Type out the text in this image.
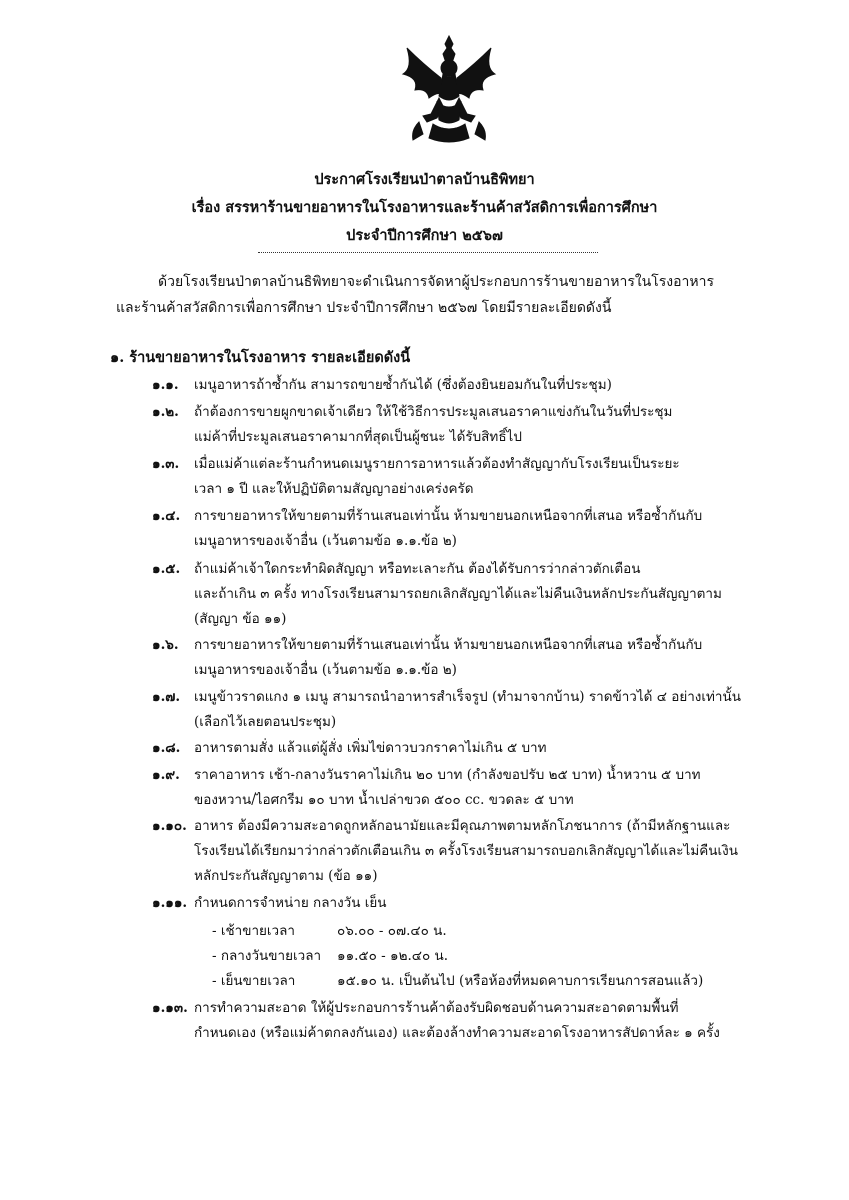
ประกาศโรงเรียนป่าตาลบ้านธิพิทยา
เรื่อง สรรหาร้านขายอาหารในโรงอาหารและร้านค้าสวัสดิการเพื่อการศึกษา
ประจำปีการศึกษา ๒๕๖๗
ด้วยโรงเรียนป่าตาลบ้านธิพิทยาจะดำเนินการจัดหาผู้ประกอบการร้านขายอาหารในโรงอาหาร
และร้านค้าสวัสดิการเพื่อการศึกษา ประจำปีการศึกษา ๒๕๖๗ โดยมีรายละเอียดดังนี้
๑. ร้านขายอาหารในโรงอาหาร รายละเอียดดังนี้
๑.๑. เมนูอาหารถ้าซ้ำกัน สามารถขายซ้ำกันได้ (ซึ่งต้องยินยอมกันในที่ประชุม)
๑.๒. ถ้าต้องการขายผูกขาดเจ้าเดียว ให้ใช้วิธีการประมูลเสนอราคาแข่งกันในวันที่ประชุม
แม่ค้าที่ประมูลเสนอราคามากที่สุดเป็นผู้ชนะ ได้รับสิทธิ์ไป
๑.๓. เมื่อแม่ค้าแต่ละร้านกำหนดเมนูรายการอาหารแล้วต้องทำสัญญากับโรงเรียนเป็นระยะ
เวลา ๑ ปี และให้ปฏิบัติตามสัญญาอย่างเคร่งครัด
๑.๔. การขายอาหารให้ขายตามที่ร้านเสนอเท่านั้น ห้ามขายนอกเหนือจากที่เสนอ หรือซ้ำกันกับ
เมนูอาหารของเจ้าอื่น (เว้นตามข้อ ๑.๑.ข้อ ๒)
๑.๕. ถ้าแม่ค้าเจ้าใดกระทำผิดสัญญา หรือทะเลาะกัน ต้องได้รับการว่ากล่าวตักเตือน
และถ้าเกิน ๓ ครั้ง ทางโรงเรียนสามารถยกเลิกสัญญาได้และไม่คืนเงินหลักประกันสัญญาตาม
(สัญญา ข้อ ๑๑)
๑.๖. การขายอาหารให้ขายตามที่ร้านเสนอเท่านั้น ห้ามขายนอกเหนือจากที่เสนอ หรือซ้ำกันกับ
เมนูอาหารของเจ้าอื่น (เว้นตามข้อ ๑.๑.ข้อ ๒)
๑.๗. เมนูข้าวราดแกง ๑ เมนู สามารถนำอาหารสำเร็จรูป (ทำมาจากบ้าน) ราดข้าวได้ ๔ อย่างเท่านั้น
(เลือกไว้เลยตอนประชุม)
๑.๘. อาหารตามสั่ง แล้วแต่ผู้สั่ง เพิ่มไข่ดาวบวกราคาไม่เกิน ๕ บาท
๑.๙. ราคาอาหาร เช้า-กลางวันราคาไม่เกิน ๒๐ บาท (กำลังขอปรับ ๒๕ บาท) น้ำหวาน ๕ บาท
ของหวาน/ไอศกรีม ๑๐ บาท น้ำเปล่าขวด ๕๐๐ cc. ขวดละ ๕ บาท
๑.๑๐. อาหาร ต้องมีความสะอาดถูกหลักอนามัยและมีคุณภาพตามหลักโภชนาการ (ถ้ามีหลักฐานและ
โรงเรียนได้เรียกมาว่ากล่าวตักเตือนเกิน ๓ ครั้งโรงเรียนสามารถบอกเลิกสัญญาได้และไม่คืนเงิน
หลักประกันสัญญาตาม (ข้อ ๑๑)
๑.๑๑. กำหนดการจำหน่าย กลางวัน เย็น
- เช้าขายเวลา	๐๖.๐๐ - ๐๗.๔๐ น.
- กลางวันขายเวลา ๑๑.๕๐ - ๑๒.๔๐ น.
- เย็นขายเวลา	๑๕.๑๐ น. เป็นต้นไป (หรือห้องที่หมดคาบการเรียนการสอนแล้ว)
๑.๑๓. การทำความสะอาด ให้ผู้ประกอบการร้านค้าต้องรับผิดชอบด้านความสะอาดตามพื้นที่
กำหนดเอง (หรือแม่ค้าตกลงกันเอง) และต้องล้างทำความสะอาดโรงอาหารสัปดาห์ละ ๑ ครั้ง
